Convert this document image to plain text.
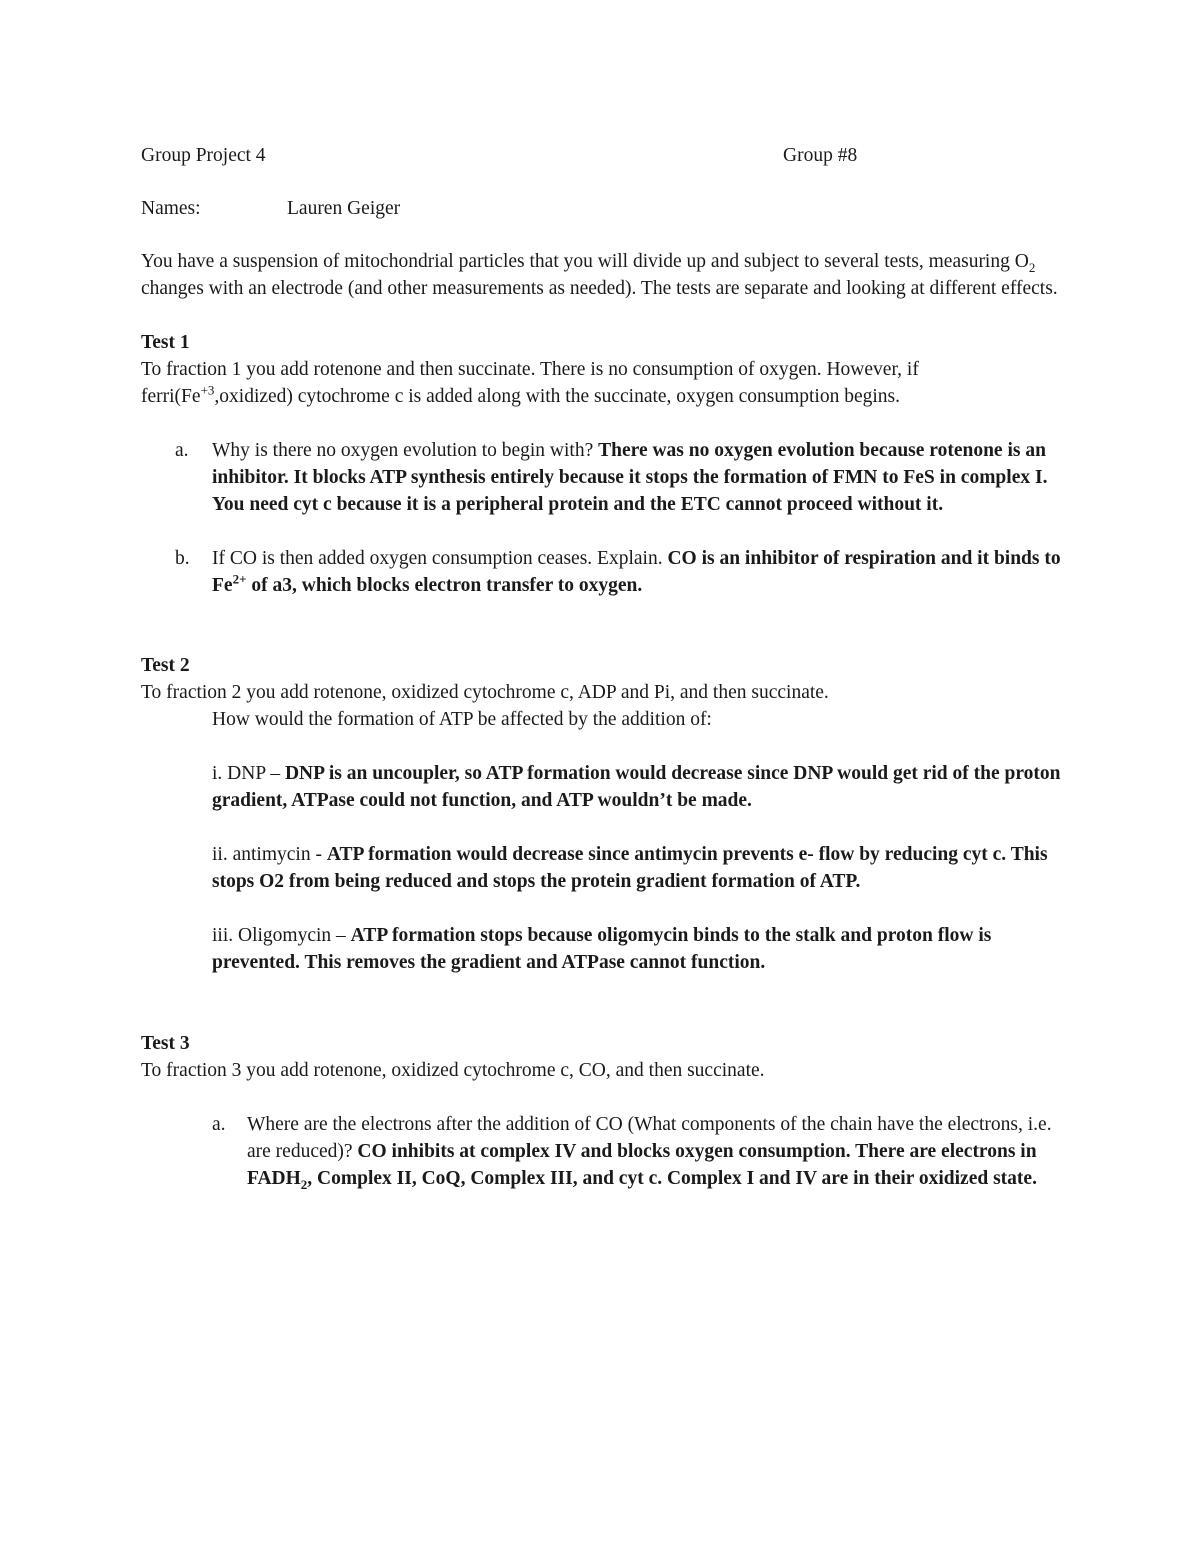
Group Project 4	Group #8
Names:	Lauren Geiger

You have a suspension of mitochondrial particles that you will divide up and subject to several tests, measuring $O_2$ changes with an electrode (and other measurements as needed). The tests are separate and looking at different effects.

Test 1

To fraction 1 you add rotenone and then succinate. There is no consumption of oxygen. However, if $ferri(Fe^{+3},oxidized)$ cytochrome c is added along with the succinate, oxygen consumption begins.

a. Why is there no oxygen evolution to begin with? There was no oxygen evolution because rotenone is an inhibitor. It blocks ATP synthesis entirely because it stops the formation of FMN to FeS in complex I. You need cyt c because it is a peripheral protein and the ETC cannot proceed without it.
b. If CO is then added oxygen consumption ceases. Explain. CO is an inhibitor of respiration and it binds to $Fe^{2+}$ of a3, which blocks electron transfer to oxygen.
Test 2

To fraction 2 you add rotenone, oxidized cytochrome c, ADP and Pi, and then succinate.

How would the formation of ATP be affected by the addition of:

i. DNP – DNP is an uncoupler, so ATP formation would decrease since DNP would get rid of the proton gradient, ATPase could not function, and ATP wouldn’t be made.

ii. antimycin - ATP formation would decrease since antimycin prevents e- flow by reducing cyt c. This stops O2 from being reduced and stops the protein gradient formation of ATP.

iii. Oligomycin – ATP formation stops because oligomycin binds to the stalk and proton flow is prevented. This removes the gradient and ATPase cannot function.

Test 3

To fraction 3 you add rotenone, oxidized cytochrome c, CO, and then succinate.

a. Where are the electrons after the addition of CO (What components of the chain have the electrons, i.e. are reduced)? CO inhibits at complex IV and blocks oxygen consumption. There are electrons in $FADH_2$, Complex II, CoQ, Complex III, and cyt c. Complex I and IV are in their oxidized state.
